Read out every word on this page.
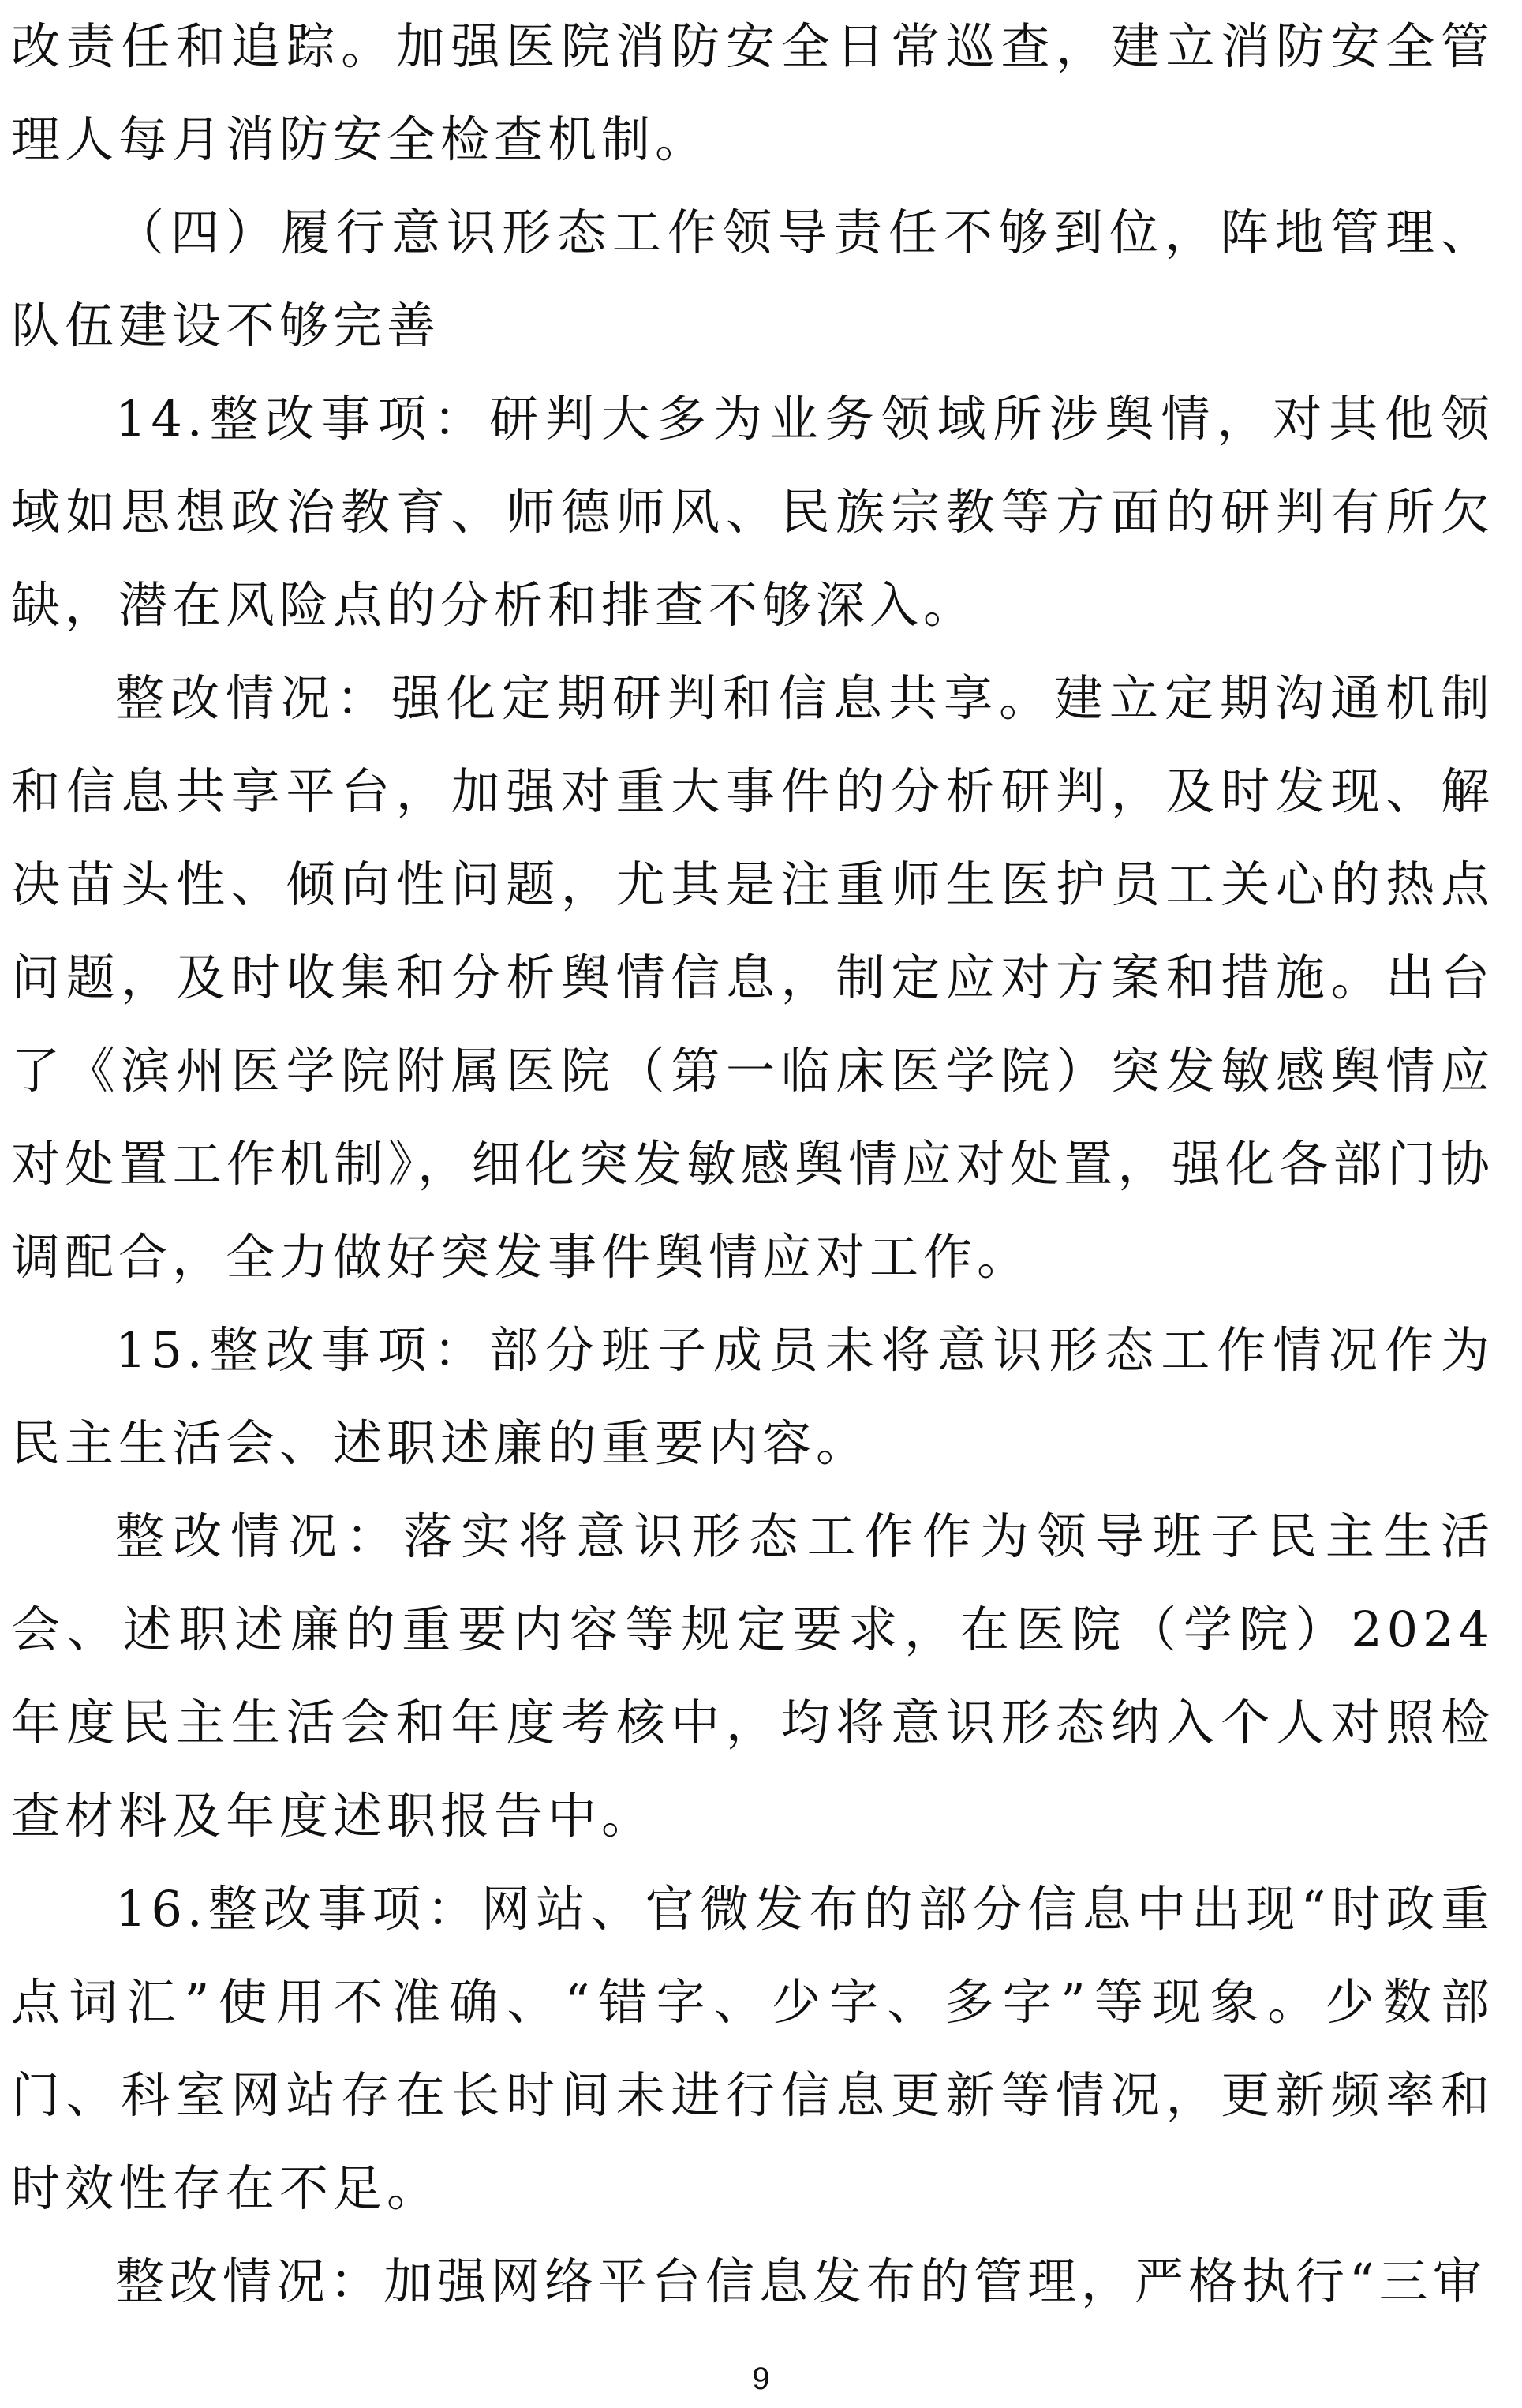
改责任和追踪。加强医院消防安全日常巡查，建立消防安全管理人每月消防安全检查机制。

（四）履行意识形态工作领导责任不够到位，阵地管理、队伍建设不够完善

14.整改事项：研判大多为业务领域所涉舆情，对其他领域如思想政治教育、师德师风、民族宗教等方面的研判有所欠缺，潜在风险点的分析和排查不够深入。

整改情况：强化定期研判和信息共享。建立定期沟通机制和信息共享平台，加强对重大事件的分析研判，及时发现、解决苗头性、倾向性问题，尤其是注重师生医护员工关心的热点问题，及时收集和分析舆情信息，制定应对方案和措施。出台了《滨州医学院附属医院（第一临床医学院）突发敏感舆情应对处置工作机制》，细化突发敏感舆情应对处置，强化各部门协调配合，全力做好突发事件舆情应对工作。

15.整改事项：部分班子成员未将意识形态工作情况作为民主生活会、述职述廉的重要内容。

整改情况：落实将意识形态工作作为领导班子民主生活会、述职述廉的重要内容等规定要求，在医院（学院）2024年度民主生活会和年度考核中，均将意识形态纳入个人对照检查材料及年度述职报告中。

16.整改事项：网站、官微发布的部分信息中出现“时政重点词汇”使用不准确、“错字、少字、多字”等现象。少数部门、科室网站存在长时间未进行信息更新等情况，更新频率和时效性存在不足。

整改情况：加强网络平台信息发布的管理，严格执行“三审

9
